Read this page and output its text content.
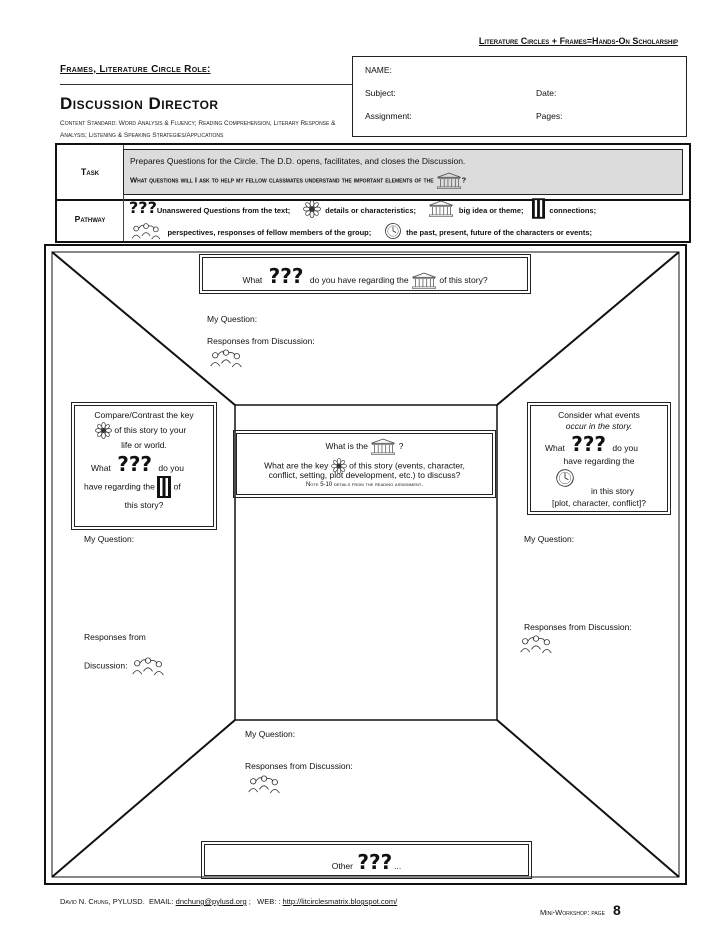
Literature Circles + Frames=Hands-On Scholarship
Frames, Literature Circle Role:
Discussion Director
Content Standard: Word Analysis & Fluency; Reading Comprehension, Literary Response & Analysis; Listening & Speaking Strategies/Applications
NAME:
Subject:	Date:
Assignment:	Pages:
Task
Prepares Questions for the Circle. The D.D. opens, facilitates, and closes the Discussion.
What questions will I ask to help my fellow classmates understand the important elements of the	?
Pathway
???Unanswered Questions from the text;	details or characteristics;	big idea or theme;	connections;
perspectives, responses of fellow members of the group;	the past, present, future of the characters or events;
What ??? do you have regarding the	of this story?
My Question:
Responses from Discussion:
Compare/Contrast the key
of this story to your
life or world.
What ??? do you
have regarding the of
this story?
My Question:
Responses from
Discussion:
What is the	?
What are the key of this story (events, character,
conflict, setting, plot development, etc.) to discuss?
Note 5-10 details from the reading assignment.
Consider what events
occur in the story.
What ??? do you
have regarding the
in this story
[plot, character, conflict]?
My Question:
Responses from Discussion:
My Question:
Responses from Discussion:
Other ??? ...
David N. Chung, PYLUSD. EMAIL: dnchung@pylusd.org ; WEB: : http://litcirclesmatrix.blogspot.com/
Mini-Workshop: page 8
